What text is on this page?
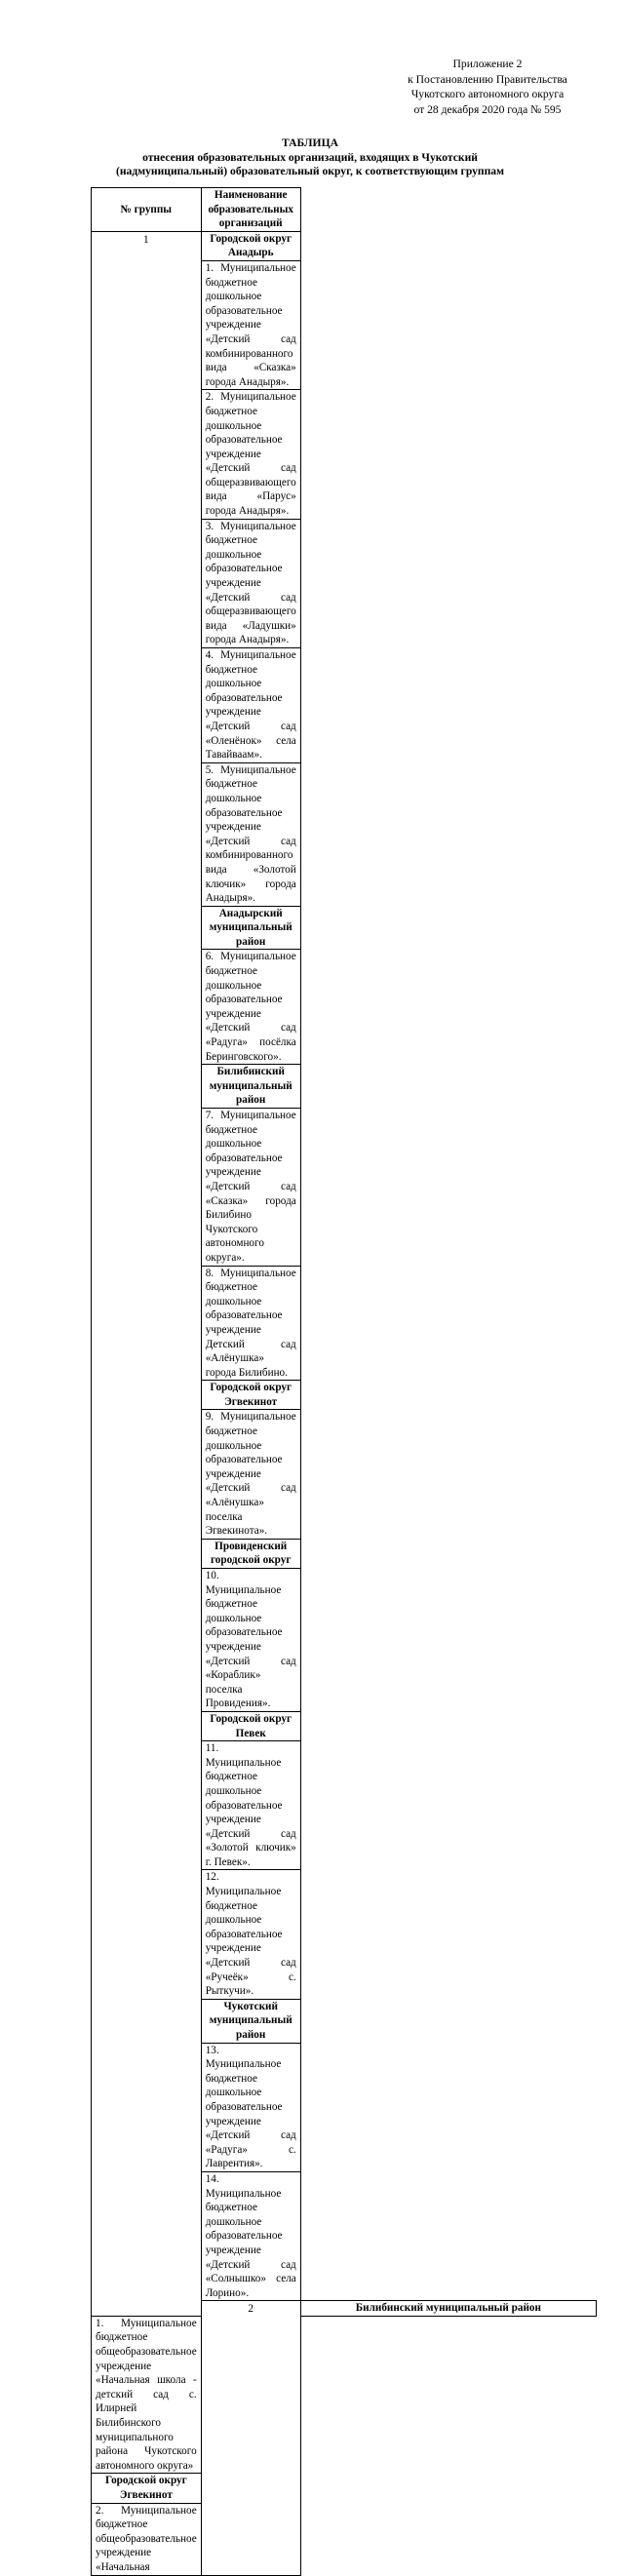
Приложение 2
к Постановлению Правительства
Чукотского автономного округа
от 28 декабря 2020 года № 595
ТАБЛИЦА
отнесения образовательных организаций, входящих в Чукотский
(надмуниципальный) образовательный округ, к соответствующим группам
№ группы	Наименование образовательных организаций	
1	Городской округ Анадырь	
	1. Муниципальное бюджетное дошкольное образовательное учреждение «Детский сад комбинированного вида «Сказка» города Анадыря».	
	2. Муниципальное бюджетное дошкольное образовательное учреждение «Детский сад общеразвивающего вида «Парус» города Анадыря».	
	3. Муниципальное бюджетное дошкольное образовательное учреждение «Детский сад общеразвивающего вида «Ладушки» города Анадыря».	
	4. Муниципальное бюджетное дошкольное образовательное учреждение «Детский сад «Оленёнок» села Тавайваам».	
	5. Муниципальное бюджетное дошкольное образовательное учреждение «Детский сад комбинированного вида «Золотой ключик» города Анадыря».	
	Анадырский муниципальный район	
	6. Муниципальное бюджетное дошкольное образовательное учреждение «Детский сад «Радуга» посёлка Беринговского».	
	Билибинский муниципальный район	
	7. Муниципальное бюджетное дошкольное образовательное учреждение «Детский сад «Сказка» города Билибино Чукотского автономного округа».	
	8. Муниципальное бюджетное дошкольное образовательное учреждение Детский сад «Алёнушка» города Билибино.	
	Городской округ Эгвекинот	
	9. Муниципальное бюджетное дошкольное образовательное учреждение «Детский сад «Алёнушка» поселка Эгвекинота».	
	Провиденский городской округ	
	10. Муниципальное бюджетное дошкольное образовательное учреждение «Детский сад «Кораблик» поселка Провидения».	
	Городской округ Певек	
	11. Муниципальное бюджетное дошкольное образовательное учреждение «Детский сад «Золотой ключик» г. Певек».	
	12. Муниципальное бюджетное дошкольное образовательное учреждение «Детский сад «Ручеёк» с. Рыткучи».	
	Чукотский муниципальный район	
	13. Муниципальное бюджетное дошкольное образовательное учреждение «Детский сад «Радуга» с. Лаврентия».	
	14. Муниципальное бюджетное дошкольное образовательное учреждение «Детский сад «Солнышко» села Лорино».	
	2	Билибинский муниципальный район
1. Муниципальное бюджетное общеобразовательное учреждение «Начальная школа - детский сад с. Илирней Билибинского муниципального района Чукотского автономного округа»		
Городской округ Эгвекинот		
2. Муниципальное бюджетное общеобразовательное учреждение «Начальная		
